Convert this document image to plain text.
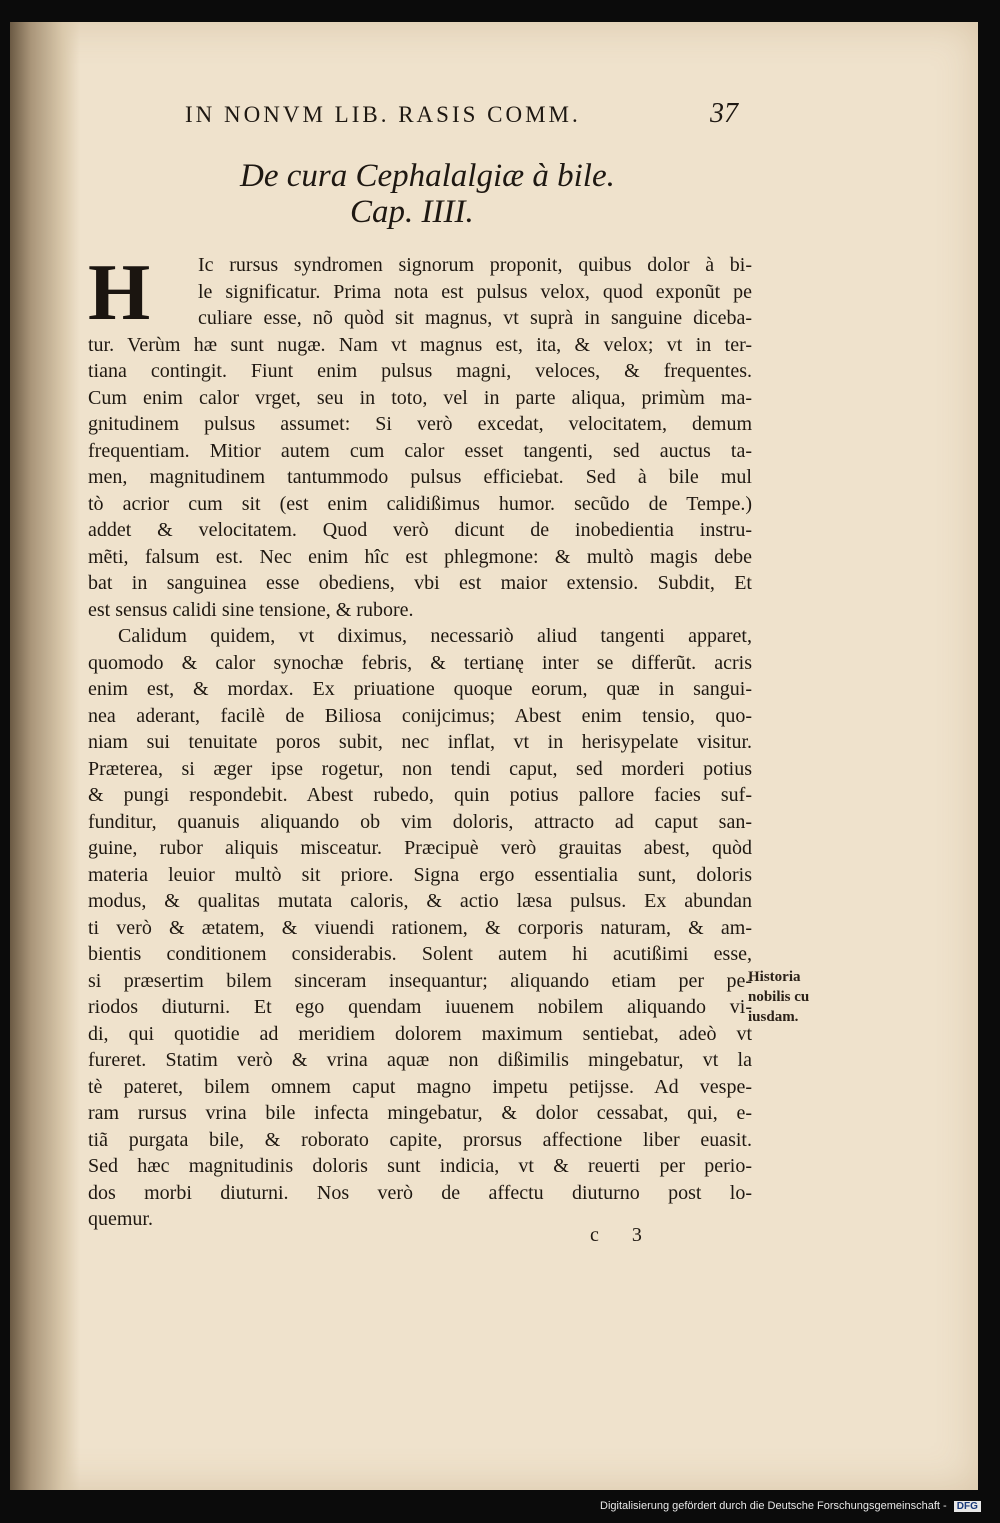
IN NONVM LIB. RASIS COMM.	37
De cura Cephalalgiæ à bile.
Cap. IIII.
H	Ic rursus syndromen signorum proponit, quibus dolor à bi-
le significatur. Prima nota est pulsus velox, quod exponũt pe
culiare esse, nõ quòd sit magnus, vt suprà in sanguine diceba-
tur. Verùm hæ sunt nugæ. Nam vt magnus est, ita, & velox; vt in ter-
tiana contingit. Fiunt enim pulsus magni, veloces, & frequentes.
Cum enim calor vrget, seu in toto, vel in parte aliqua, primùm ma-
gnitudinem pulsus assumet: Si verò excedat, velocitatem, demum
frequentiam. Mitior autem cum calor esset tangenti, sed auctus ta-
men, magnitudinem tantummodo pulsus efficiebat. Sed à bile mul
tò acrior cum sit (est enim calidißimus humor. secũdo de Tempe.)
addet & velocitatem. Quod verò dicunt de inobedientia instru-
mẽti, falsum est. Nec enim hîc est phlegmone: & multò magis debe
bat in sanguinea esse obediens, vbi est maior extensio. Subdit, Et
est sensus calidi sine tensione, & rubore.
Calidum quidem, vt diximus, necessariò aliud tangenti apparet,
quomodo & calor synochæ febris, & tertianę inter se differũt. acris
enim est, & mordax. Ex priuatione quoque eorum, quæ in sangui-
nea aderant, facilè de Biliosa conijcimus; Abest enim tensio, quo-
niam sui tenuitate poros subit, nec inflat, vt in herisypelate visitur.
Præterea, si æger ipse rogetur, non tendi caput, sed morderi potius
& pungi respondebit. Abest rubedo, quin potius pallore facies suf-
funditur, quanuis aliquando ob vim doloris, attracto ad caput san-
guine, rubor aliquis misceatur. Præcipuè verò grauitas abest, quòd
materia leuior multò sit priore. Signa ergo essentialia sunt, doloris
modus, & qualitas mutata caloris, & actio læsa pulsus. Ex abundan
ti verò & ætatem, & viuendi rationem, & corporis naturam, & am-
bientis conditionem considerabis. Solent autem hi acutißimi esse,
si præsertim bilem sinceram insequantur; aliquando etiam per pe-
riodos diuturni. Et ego quendam iuuenem nobilem aliquando vi-
di, qui quotidie ad meridiem dolorem maximum sentiebat, adeò vt
fureret. Statim verò & vrina aquæ non dißimilis mingebatur, vt la
tè pateret, bilem omnem caput magno impetu petijsse. Ad vespe-
ram rursus vrina bile infecta mingebatur, & dolor cessabat, qui, e-
tiã purgata bile, & roborato capite, prorsus affectione liber euasit.
Sed hæc magnitudinis doloris sunt indicia, vt & reuerti per perio-
dos morbi diuturni. Nos verò de affectu diuturno post lo-
quemur.
Historia
nobilis cu
iusdam.
c 3
Digitalisierung gefördert durch die Deutsche Forschungsgemeinschaft - DFG
